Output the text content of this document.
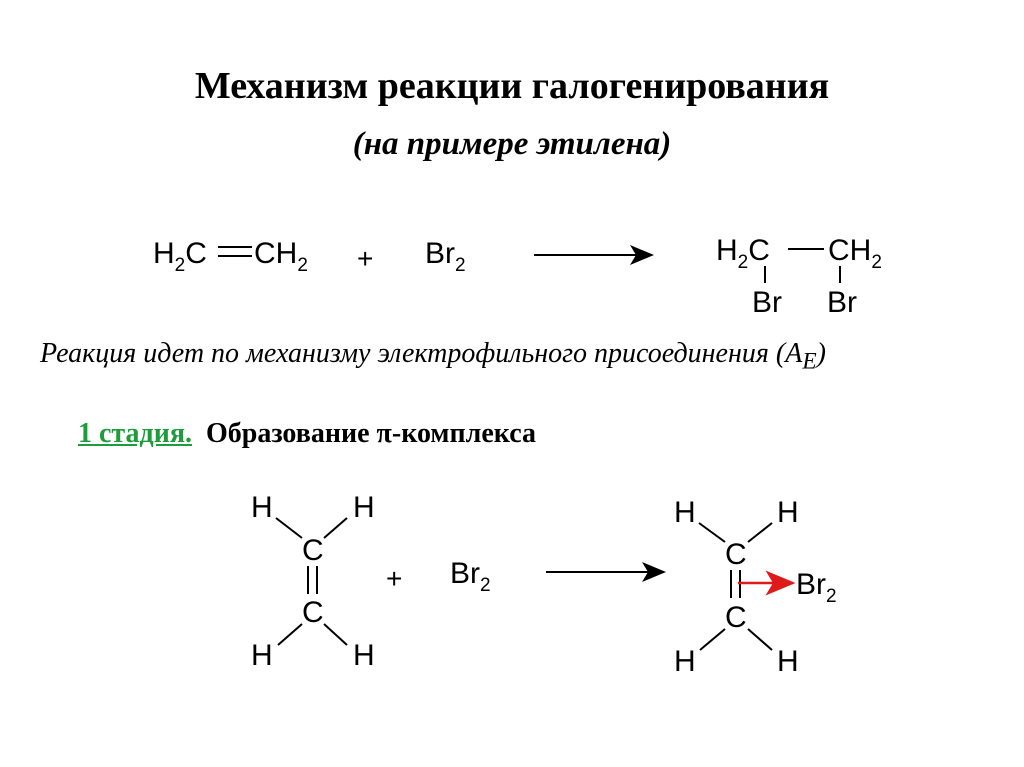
Механизм реакции галогенирования
(на примере этилена)
H2C CH2 + Br2	H2C CH2
Br Br
H	H
C
C
H	H
+ Br2
H	H
C
Br2
C
H	H
Реакция идет по механизму электрофильного присоединения $(A_E)$
1 стадия. Образование π-комплекса
